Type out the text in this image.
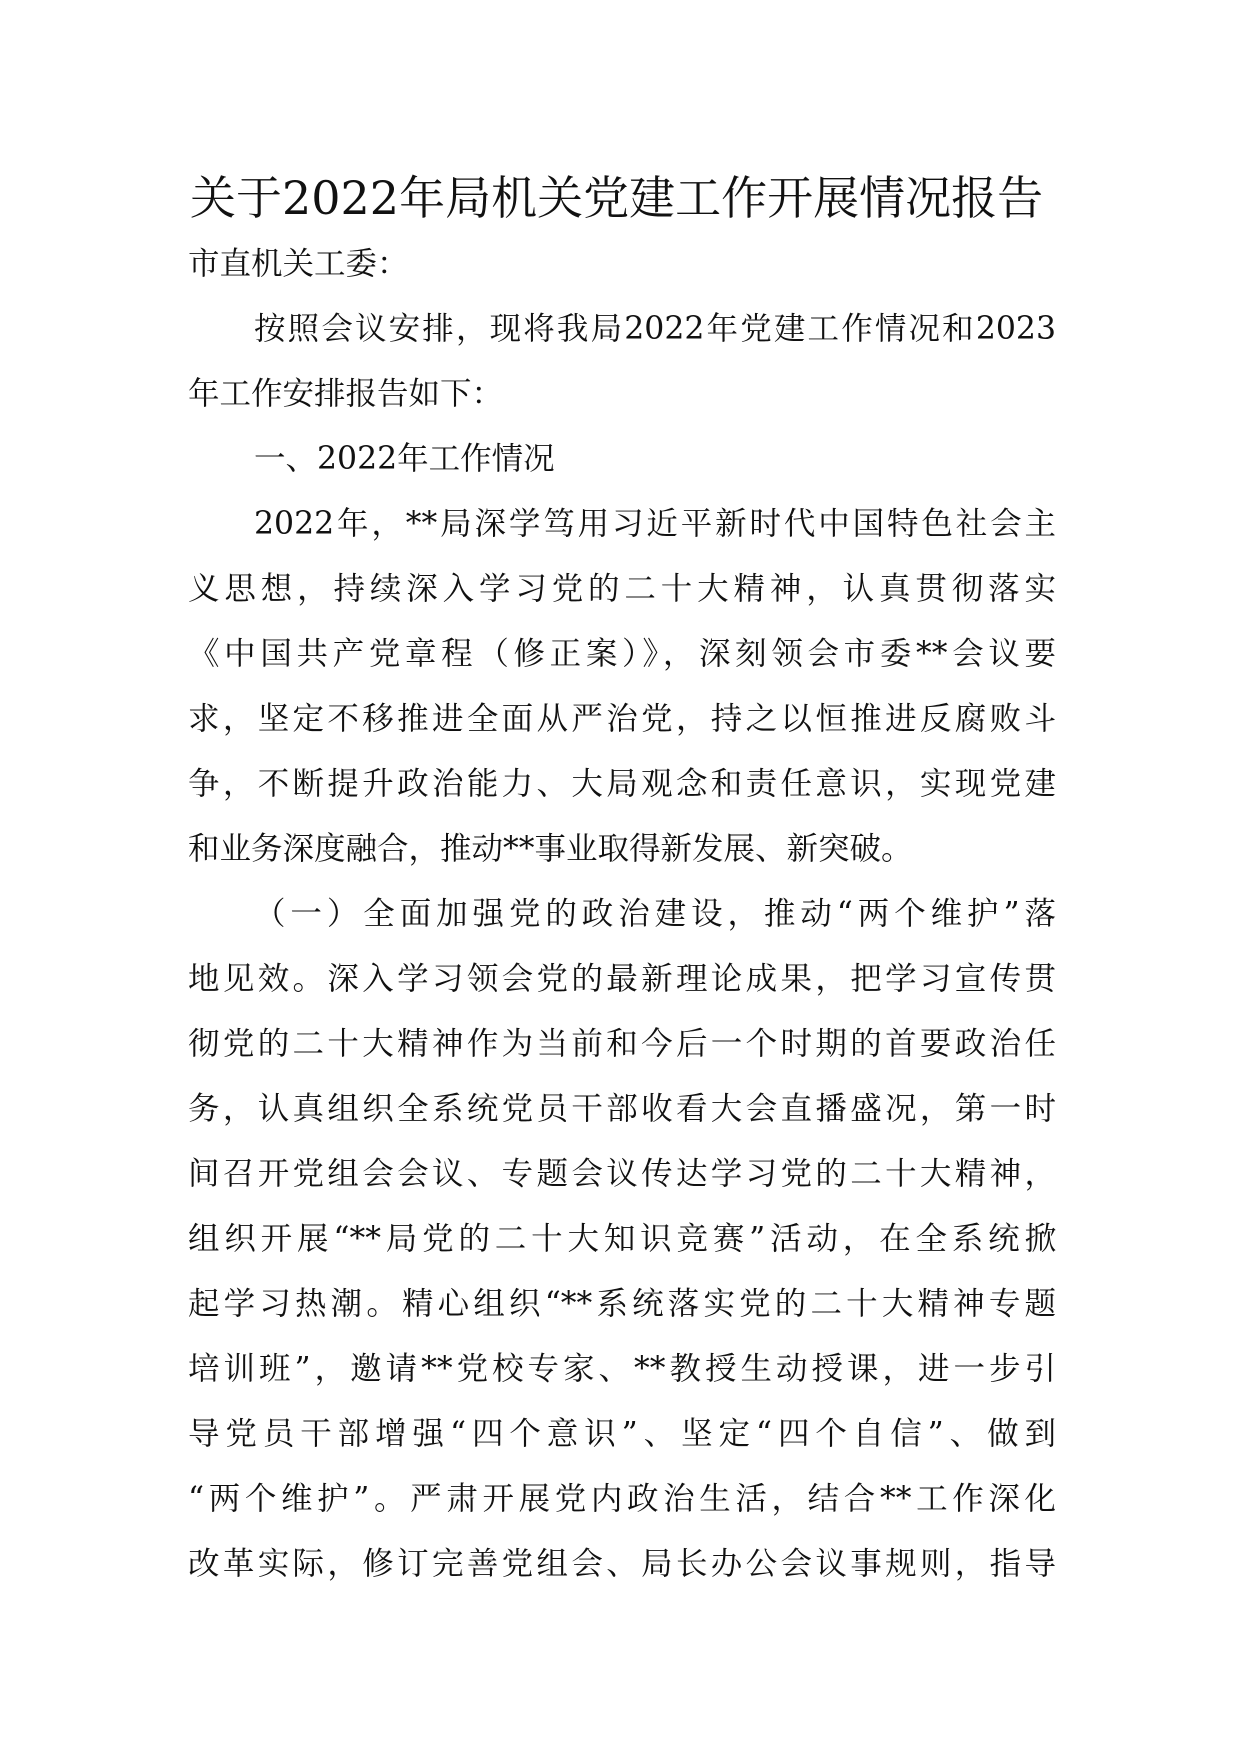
关于2022年局机关党建工作开展情况报告
市直机关工委：
按照会议安排，现将我局2022年党建工作情况和2023
年工作安排报告如下：
一、2022年工作情况
2022年，**局深学笃用习近平新时代中国特色社会主
义思想，持续深入学习党的二十大精神，认真贯彻落实
《中国共产党章程（修正案）》，深刻领会市委**会议要
求，坚定不移推进全面从严治党，持之以恒推进反腐败斗
争，不断提升政治能力、大局观念和责任意识，实现党建
和业务深度融合，推动**事业取得新发展、新突破。
（一）全面加强党的政治建设，推动“两个维护”落
地见效。深入学习领会党的最新理论成果，把学习宣传贯
彻党的二十大精神作为当前和今后一个时期的首要政治任
务，认真组织全系统党员干部收看大会直播盛况，第一时
间召开党组会会议、专题会议传达学习党的二十大精神，
组织开展“**局党的二十大知识竞赛”活动，在全系统掀
起学习热潮。精心组织“**系统落实党的二十大精神专题
培训班”，邀请**党校专家、**教授生动授课，进一步引
导党员干部增强“四个意识”、坚定“四个自信”、做到
“两个维护”。严肃开展党内政治生活，结合**工作深化
改革实际，修订完善党组会、局长办公会议事规则，指导
